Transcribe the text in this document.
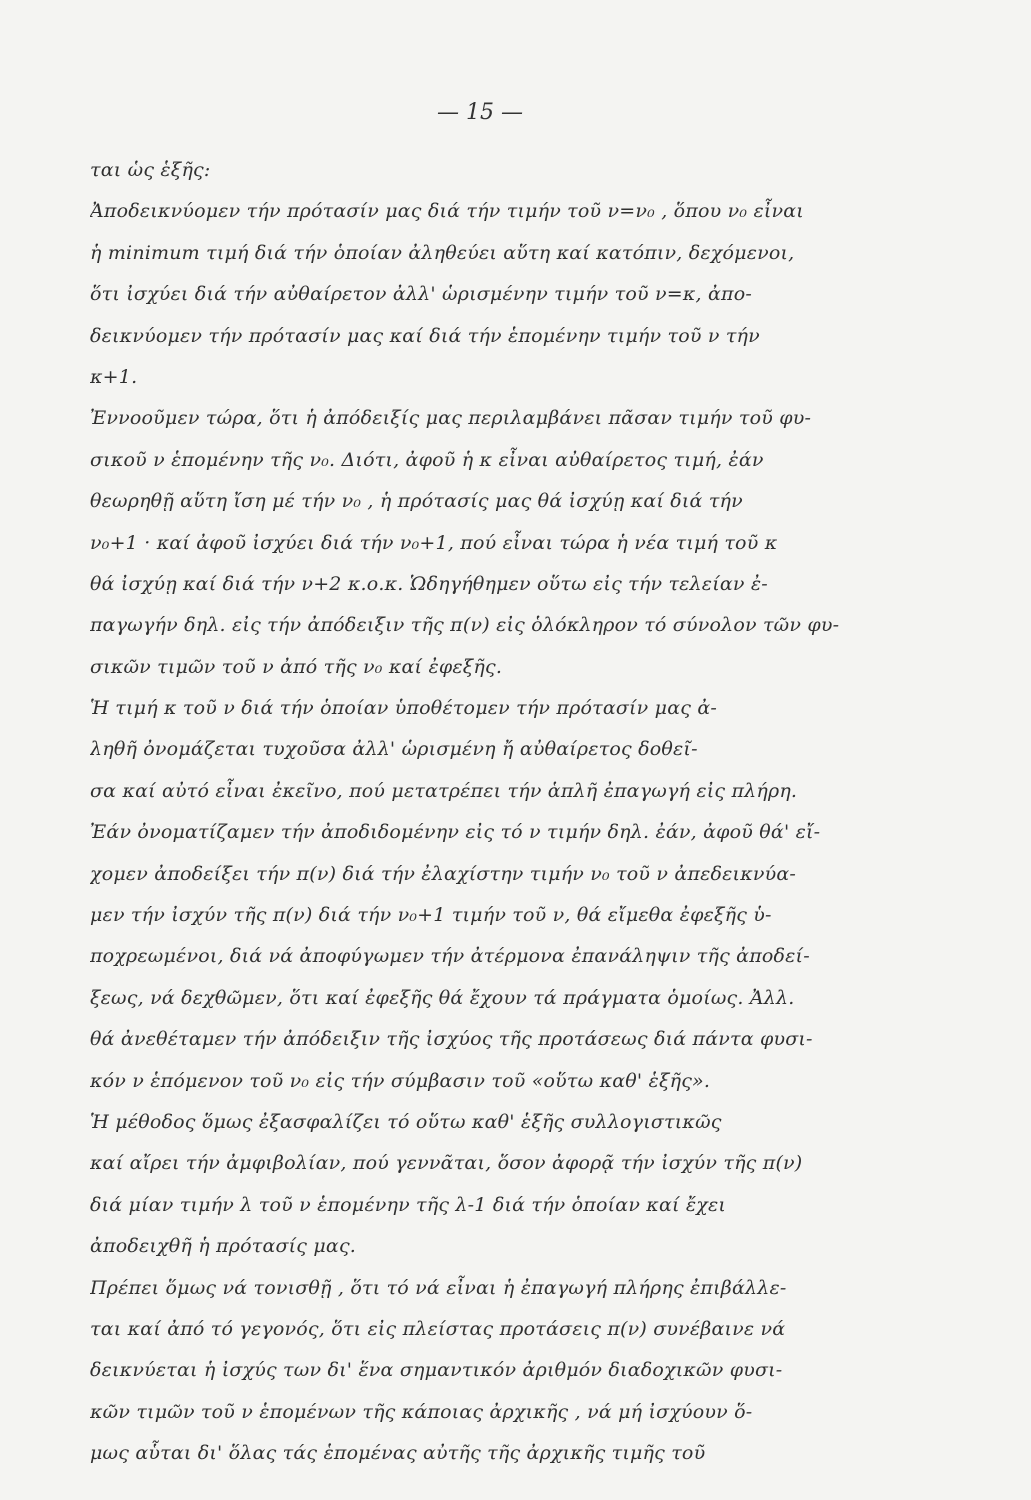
— 15 —
ται ὡς ἑξῆς:
Ἀποδεικνύομεν τήν πρότασίν μας διά τήν τιμήν τοῦ ν=ν₀ , ὅπου ν₀ εἶναι
ἡ minimum τιμή διά τήν ὁποίαν ἀληθεύει αὕτη καί κατόπιν, δεχόμενοι,
ὅτι ἰσχύει διά τήν αὐθαίρετον ἀλλ' ὡρισμένην τιμήν τοῦ ν=κ, ἀπο-
δεικνύομεν τήν πρότασίν μας καί διά τήν ἑπομένην τιμήν τοῦ ν τήν
κ+1.
Ἐννοοῦμεν τώρα, ὅτι ἡ ἀπόδειξίς μας περιλαμβάνει πᾶσαν τιμήν τοῦ φυ-
σικοῦ ν ἑπομένην τῆς ν₀. Διότι, ἀφοῦ ἡ κ εἶναι αὐθαίρετος τιμή, ἐάν
θεωρηθῇ αὕτη ἴση μέ τήν ν₀ , ἡ πρότασίς μας θά ἰσχύῃ καί διά τήν
ν₀+1 · καί ἀφοῦ ἰσχύει διά τήν ν₀+1, πού εἶναι τώρα ἡ νέα τιμή τοῦ κ
θά ἰσχύῃ καί διά τήν ν+2 κ.ο.κ. Ὡδηγήθημεν οὕτω εἰς τήν τελείαν ἐ-
παγωγήν δηλ. εἰς τήν ἀπόδειξιν τῆς π(ν) εἰς ὁλόκληρον τό σύνολον τῶν φυ-
σικῶν τιμῶν τοῦ ν ἀπό τῆς ν₀ καί ἐφεξῆς.
Ἡ τιμή κ τοῦ ν διά τήν ὁποίαν ὑποθέτομεν τήν πρότασίν μας ἀ-
ληθῆ ὀνομάζεται τυχοῦσα ἀλλ' ὡρισμένη ἤ αὐθαίρετος δοθεῖ-
σα καί αὐτό εἶναι ἐκεῖνο, πού μετατρέπει τήν ἁπλῆ ἐπαγωγή εἰς πλήρη.
Ἐάν ὀνοματίζαμεν τήν ἀποδιδομένην εἰς τό ν τιμήν δηλ. ἐάν, ἀφοῦ θά' εἴ-
χομεν ἀποδείξει τήν π(ν) διά τήν ἐλαχίστην τιμήν ν₀ τοῦ ν ἀπεδεικνύα-
μεν τήν ἰσχύν τῆς π(ν) διά τήν ν₀+1 τιμήν τοῦ ν, θά εἴμεθα ἐφεξῆς ὑ-
ποχρεωμένοι, διά νά ἀποφύγωμεν τήν ἀτέρμονα ἐπανάληψιν τῆς ἀποδεί-
ξεως, νά δεχθῶμεν, ὅτι καί ἐφεξῆς θά ἔχουν τά πράγματα ὁμοίως. Ἀλλ.
θά ἀνεθέταμεν τήν ἀπόδειξιν τῆς ἰσχύος τῆς προτάσεως διά πάντα φυσι-
κόν ν ἑπόμενον τοῦ ν₀ εἰς τήν σύμβασιν τοῦ «οὕτω καθ' ἑξῆς».
Ἡ μέθοδος ὅμως ἐξασφαλίζει τό οὕτω καθ' ἑξῆς συλλογιστικῶς
καί αἴρει τήν ἀμφιβολίαν, πού γεννᾶται, ὅσον ἀφορᾷ τήν ἰσχύν τῆς π(ν)
διά μίαν τιμήν λ τοῦ ν ἑπομένην τῆς λ-1 διά τήν ὁποίαν καί ἔχει
ἀποδειχθῆ ἡ πρότασίς μας.
Πρέπει ὅμως νά τονισθῇ , ὅτι τό νά εἶναι ἡ ἐπαγωγή πλήρης ἐπιβάλλε-
ται καί ἀπό τό γεγονός, ὅτι εἰς πλείστας προτάσεις π(ν) συνέβαινε νά
δεικνύεται ἡ ἰσχύς των δι' ἕνα σημαντικόν ἀριθμόν διαδοχικῶν φυσι-
κῶν τιμῶν τοῦ ν ἑπομένων τῆς κάποιας ἀρχικῆς , νά μή ἰσχύουν ὅ-
μως αὗται δι' ὅλας τάς ἑπομένας αὐτῆς τῆς ἀρχικῆς τιμῆς τοῦ
